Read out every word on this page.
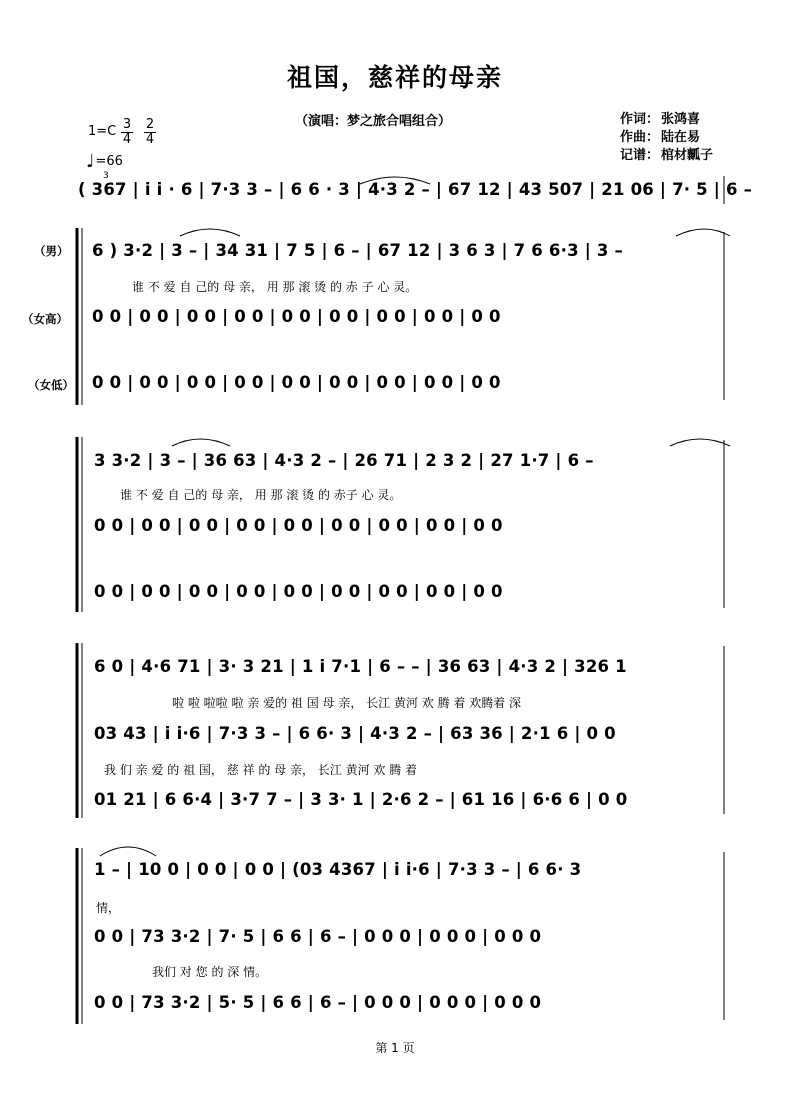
祖国，慈祥的母亲
（演唱：梦之旅合唱组合）	作词： 张鸿喜
作曲： 陆在易
记谱： 棺材瓤子
$1=C \frac{3}{4} \frac{2}{4}$
♩=66
3
( 367 | i i · 6 | 7·3 3 – | 6 6 · 3 | 4·3 2 – | 67 12 | 43 507 | 21 06 | 7· 5 | 6 –
（男）
（女高）
（女低）
6 ) 3·2 | 3 – | 34 31 | 7 5 | 6 – | 67 12 | 3 6 3 | 7 6 6·3 | 3 –
谁 不 爱 自 己的 母 亲， 用 那 滚 烫 的 赤 子 心 灵。
0 0 | 0 0 | 0 0 | 0 0 | 0 0 | 0 0 | 0 0 | 0 0 | 0 0
0 0 | 0 0 | 0 0 | 0 0 | 0 0 | 0 0 | 0 0 | 0 0 | 0 0
3 3·2 | 3 – | 36 63 | 4·3 2 – | 26 71 | 2 3 2 | 27 1·7 | 6 –
谁 不 爱 自 己的 母 亲， 用 那 滚 烫 的 赤子 心 灵。
0 0 | 0 0 | 0 0 | 0 0 | 0 0 | 0 0 | 0 0 | 0 0 | 0 0
0 0 | 0 0 | 0 0 | 0 0 | 0 0 | 0 0 | 0 0 | 0 0 | 0 0
6 0 | 4·6 71 | 3· 3 21 | 1 i 7·1 | 6 – – | 36 63 | 4·3 2 | 326 1
啦 啦 啦啦 啦 亲 爱的 祖 国 母 亲， 长江 黄河 欢 腾 着 欢腾着 深
03 43 | i i·6 | 7·3 3 – | 6 6· 3 | 4·3 2 – | 63 36 | 2·1 6 | 0 0
我 们 亲 爱 的 祖 国， 慈 祥 的 母 亲， 长江 黄河 欢 腾 着
01 21 | 6 6·4 | 3·7 7 – | 3 3· 1 | 2·6 2 – | 61 16 | 6·6 6 | 0 0
1 – | 10 0 | 0 0 | 0 0 | (03 4367 | i i·6 | 7·3 3 – | 6 6· 3
情，
0 0 | 73 3·2 | 7· 5 | 6 6 | 6 – | 0 0 0 | 0 0 0 | 0 0 0
我们 对 您 的 深 情。
0 0 | 73 3·2 | 5· 5 | 6 6 | 6 – | 0 0 0 | 0 0 0 | 0 0 0
第 1 页
